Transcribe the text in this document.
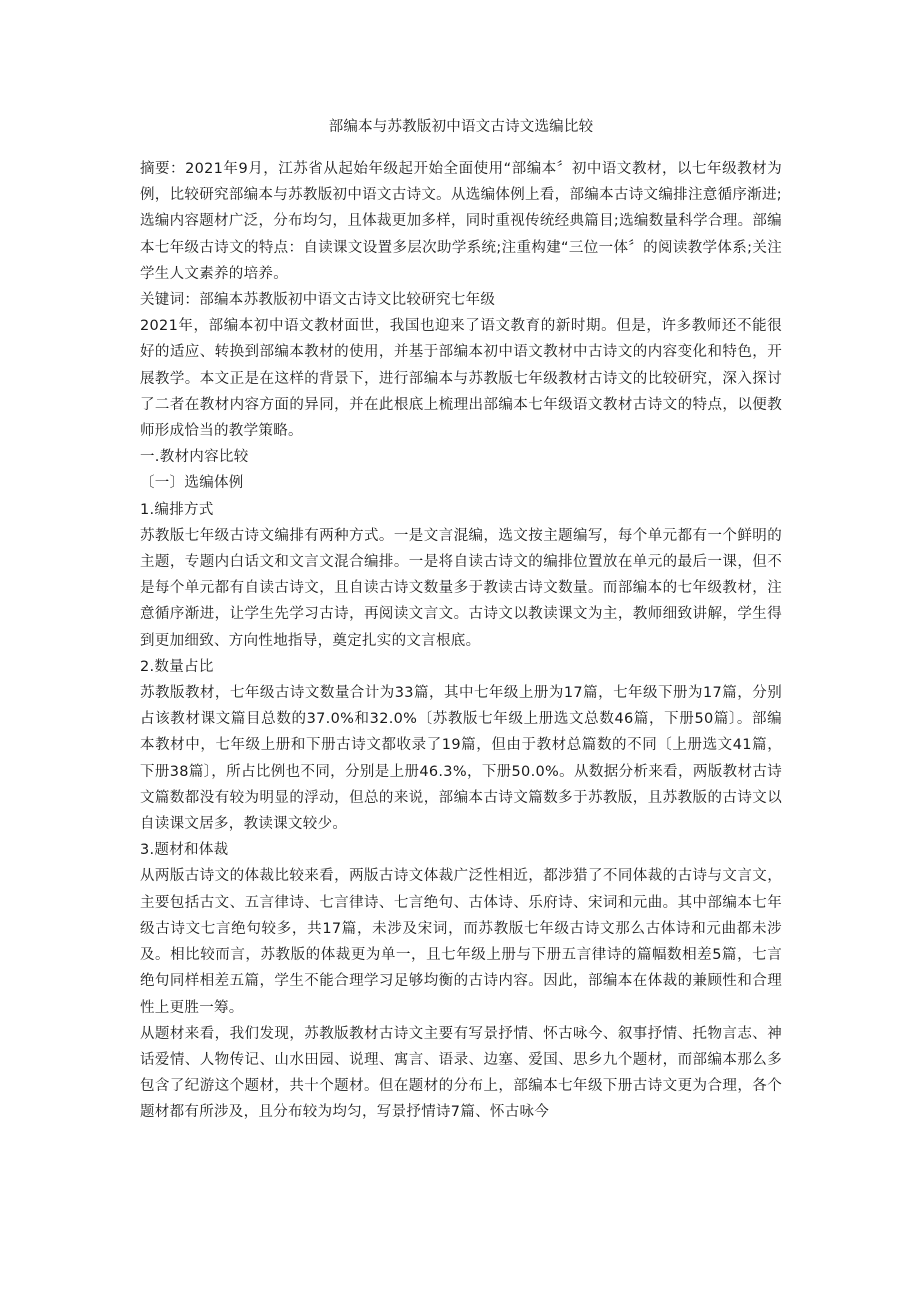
部编本与苏教版初中语文古诗文选编比较

摘要：2021年9月，江苏省从起始年级起开始全面使用“部编本〞初中语文教材，以七年级教材为例，比较研究部编本与苏教版初中语文古诗文。从选编体例上看，部编本古诗文编排注意循序渐进;选编内容题材广泛，分布均匀，且体裁更加多样，同时重视传统经典篇目;选编数量科学合理。部编本七年级古诗文的特点：自读课文设置多层次助学系统;注重构建“三位一体〞的阅读教学体系;关注学生人文素养的培养。

关键词：部编本苏教版初中语文古诗文比较研究七年级

2021年，部编本初中语文教材面世，我国也迎来了语文教育的新时期。但是，许多教师还不能很好的适应、转换到部编本教材的使用，并基于部编本初中语文教材中古诗文的内容变化和特色，开展教学。本文正是在这样的背景下，进行部编本与苏教版七年级教材古诗文的比较研究，深入探讨了二者在教材内容方面的异同，并在此根底上梳理出部编本七年级语文教材古诗文的特点，以便教师形成恰当的教学策略。

一.教材内容比较

〔一〕选编体例

1.编排方式

苏教版七年级古诗文编排有两种方式。一是文言混编，选文按主题编写，每个单元都有一个鲜明的主题，专题内白话文和文言文混合编排。一是将自读古诗文的编排位置放在单元的最后一课，但不是每个单元都有自读古诗文，且自读古诗文数量多于教读古诗文数量。而部编本的七年级教材，注意循序渐进，让学生先学习古诗，再阅读文言文。古诗文以教读课文为主，教师细致讲解，学生得到更加细致、方向性地指导，奠定扎实的文言根底。

2.数量占比

苏教版教材，七年级古诗文数量合计为33篇，其中七年级上册为17篇，七年级下册为17篇，分别占该教材课文篇目总数的37.0%和32.0%〔苏教版七年级上册选文总数46篇，下册50篇〕。部编本教材中，七年级上册和下册古诗文都收录了19篇，但由于教材总篇数的不同〔上册选文41篇，下册38篇〕，所占比例也不同，分别是上册46.3%，下册50.0%。从数据分析来看，两版教材古诗文篇数都没有较为明显的浮动，但总的来说，部编本古诗文篇数多于苏教版，且苏教版的古诗文以自读课文居多，教读课文较少。

3.题材和体裁

从两版古诗文的体裁比较来看，两版古诗文体裁广泛性相近，都涉猎了不同体裁的古诗与文言文，主要包括古文、五言律诗、七言律诗、七言绝句、古体诗、乐府诗、宋词和元曲。其中部编本七年级古诗文七言绝句较多，共17篇，未涉及宋词，而苏教版七年级古诗文那么古体诗和元曲都未涉及。相比较而言，苏教版的体裁更为单一，且七年级上册与下册五言律诗的篇幅数相差5篇，七言绝句同样相差五篇，学生不能合理学习足够均衡的古诗内容。因此，部编本在体裁的兼顾性和合理性上更胜一筹。

从题材来看，我们发现，苏教版教材古诗文主要有写景抒情、怀古咏今、叙事抒情、托物言志、神话爱情、人物传记、山水田园、说理、寓言、语录、边塞、爱国、思乡九个题材，而部编本那么多包含了纪游这个题材，共十个题材。但在题材的分布上，部编本七年级下册古诗文更为合理，各个题材都有所涉及，且分布较为均匀，写景抒情诗7篇、怀古咏今
